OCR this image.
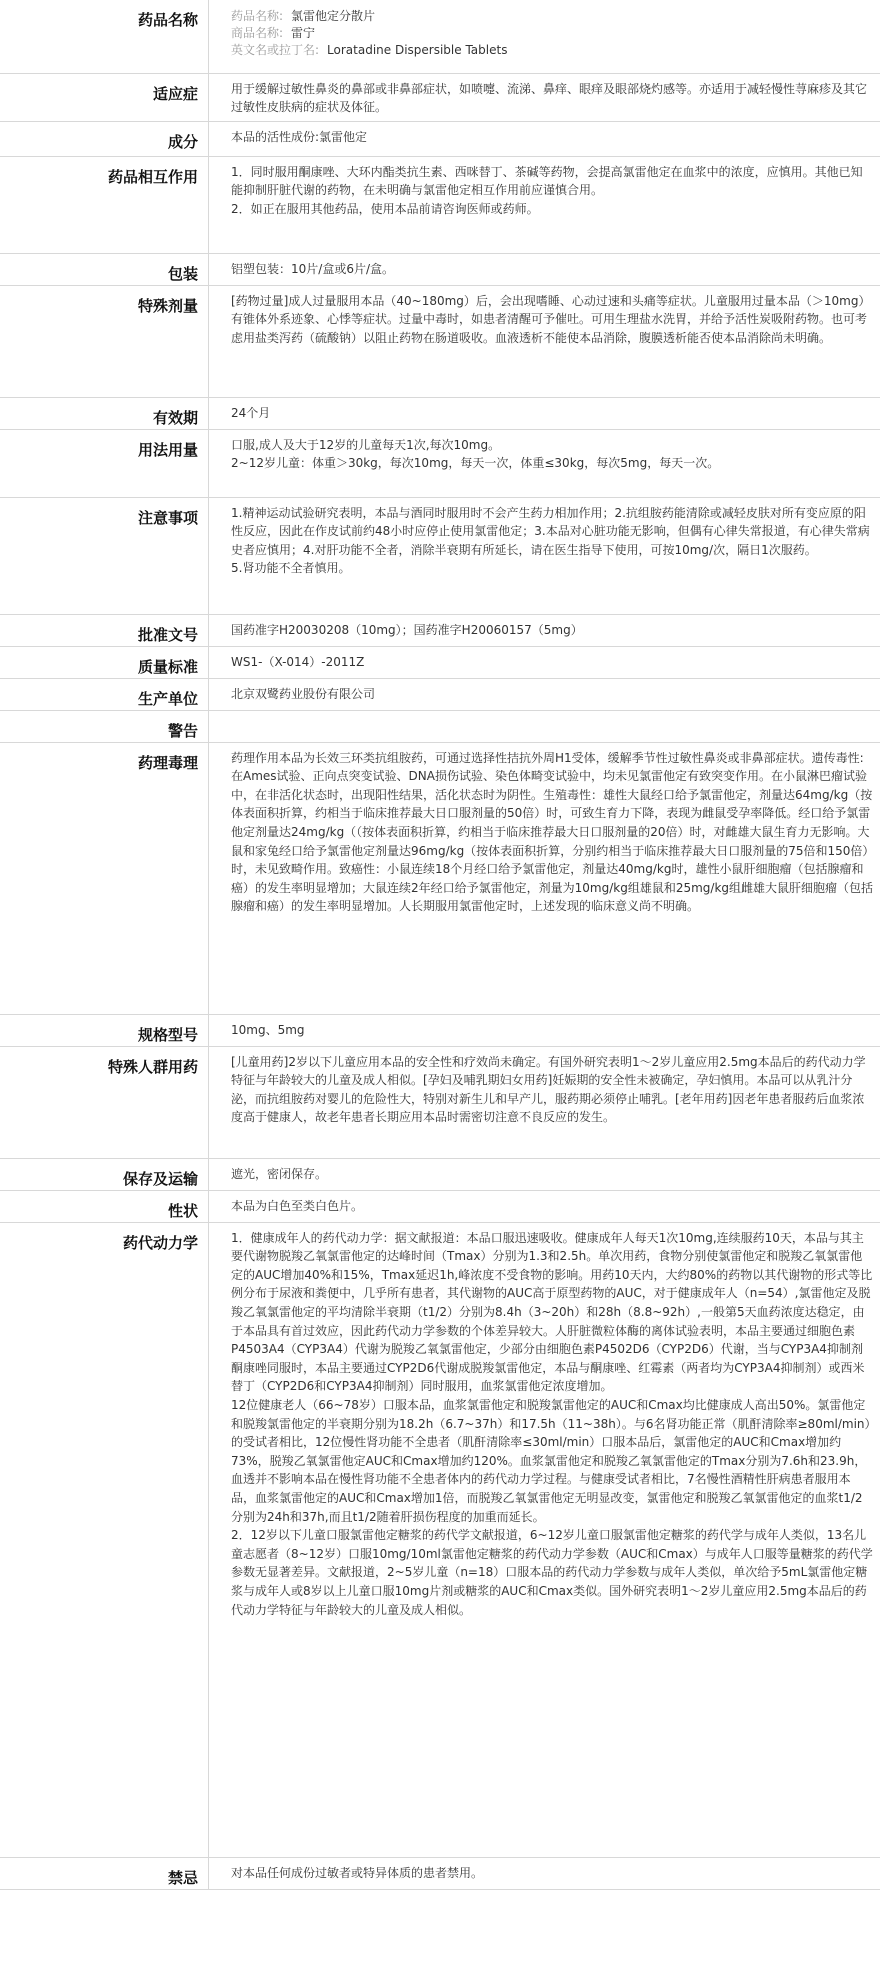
药品名称	药品名称: 氯雷他定分散片
商品名称: 雷宁
英文名或拉丁名: Loratadine Dispersible Tablets

适应症	用于缓解过敏性鼻炎的鼻部或非鼻部症状，如喷嚏、流涕、鼻痒、眼痒及眼部烧灼感等。亦适用于减轻慢性荨麻疹及其它过敏性皮肤病的症状及体征。
成分	本品的活性成份:氯雷他定
药品相互作用	1．同时服用酮康唑、大环内酯类抗生素、西咪替丁、茶碱等药物，会提高氯雷他定在血浆中的浓度，应慎用。其他已知能抑制肝脏代谢的药物，在未明确与氯雷他定相互作用前应谨慎合用。
2．如正在服用其他药品，使用本品前请咨询医师或药师。

包装	铝塑包装：10片/盒或6片/盒。
特殊剂量	[药物过量]成人过量服用本品（40~180mg）后，会出现嗜睡、心动过速和头痛等症状。儿童服用过量本品（＞10mg）有锥体外系迹象、心悸等症状。过量中毒时，如患者清醒可予催吐。可用生理盐水洗胃，并给予活性炭吸附药物。也可考虑用盐类泻药（硫酸钠）以阻止药物在肠道吸收。血液透析不能使本品消除，腹膜透析能否使本品消除尚未明确。
有效期	24个月
用法用量	口服,成人及大于12岁的儿童每天1次,每次10mg。
2~12岁儿童：体重＞30kg，每次10mg，每天一次，体重≤30kg，每次5mg，每天一次。

注意事项	1.精神运动试验研究表明，本品与酒同时服用时不会产生药力相加作用；2.抗组胺药能清除或减轻皮肤对所有变应原的阳性反应，因此在作皮试前约48小时应停止使用氯雷他定；3.本品对心脏功能无影响，但偶有心律失常报道，有心律失常病史者应慎用；4.对肝功能不全者，消除半衰期有所延长，请在医生指导下使用，可按10mg/次，隔日1次服药。
5.肾功能不全者慎用。

批准文号	国药准字H20030208（10mg）；国药准字H20060157（5mg）
质量标准	WS1-（X-014）-2011Z
生产单位	北京双鹭药业股份有限公司
警告	
药理毒理	药理作用本品为长效三环类抗组胺药，可通过选择性拮抗外周H1受体，缓解季节性过敏性鼻炎或非鼻部症状。遗传毒性:在Ames试验、正向点突变试验、DNA损伤试验、染色体畸变试验中，均未见氯雷他定有致突变作用。在小鼠淋巴瘤试验中，在非活化状态时，出现阳性结果，活化状态时为阴性。生殖毒性：雄性大鼠经口给予氯雷他定，剂量达64mg/kg（按体表面积折算，约相当于临床推荐最大日口服剂量的50倍）时，可致生育力下降，表现为雌鼠受孕率降低。经口给予氯雷他定剂量达24mg/kg（（按体表面积折算，约相当于临床推荐最大日口服剂量的20倍）时，对雌雄大鼠生育力无影响。大鼠和家兔经口给予氯雷他定剂量达96mg/kg（按体表面积折算，分别约相当于临床推荐最大日口服剂量的75倍和150倍）时，未见致畸作用。致癌性：小鼠连续18个月经口给予氯雷他定，剂量达40mg/kg时，雄性小鼠肝细胞瘤（包括腺瘤和癌）的发生率明显增加；大鼠连续2年经口给予氯雷他定，剂量为10mg/kg组雄鼠和25mg/kg组雌雄大鼠肝细胞瘤（包括腺瘤和癌）的发生率明显增加。人长期服用氯雷他定时，上述发现的临床意义尚不明确。
规格型号	10mg、5mg
特殊人群用药	[儿童用药]2岁以下儿童应用本品的安全性和疗效尚未确定。有国外研究表明1～2岁儿童应用2.5mg本品后的药代动力学特征与年龄较大的儿童及成人相似。[孕妇及哺乳期妇女用药]妊娠期的安全性未被确定，孕妇慎用。本品可以从乳汁分泌，而抗组胺药对婴儿的危险性大，特别对新生儿和早产儿，服药期必须停止哺乳。[老年用药]因老年患者服药后血浆浓度高于健康人，故老年患者长期应用本品时需密切注意不良反应的发生。
保存及运输	遮光，密闭保存。
性状	本品为白色至类白色片。
药代动力学	1．健康成年人的药代动力学：据文献报道：本品口服迅速吸收。健康成年人每天1次10mg,连续服药10天，本品与其主要代谢物脱羧乙氧氯雷他定的达峰时间（Tmax）分别为1.3和2.5h。单次用药，食物分别使氯雷他定和脱羧乙氧氯雷他定的AUC增加40%和15%，Tmax延迟1h,峰浓度不受食物的影响。用药10天内，大约80%的药物以其代谢物的形式等比例分布于尿液和粪便中，几乎所有患者，其代谢物的AUC高于原型药物的AUC，对于健康成年人（n=54）,氯雷他定及脱羧乙氧氯雷他定的平均清除半衰期（t1/2）分别为8.4h（3~20h）和28h（8.8~92h）,一般第5天血药浓度达稳定，由于本品具有首过效应，因此药代动力学参数的个体差异较大。人肝脏微粒体酶的离体试验表明，本品主要通过细胞色素P4503A4（CYP3A4）代谢为脱羧乙氧氯雷他定，少部分由细胞色素P4502D6（CYP2D6）代谢，当与CYP3A4抑制剂酮康唑同服时，本品主要通过CYP2D6代谢成脱羧氯雷他定，本品与酮康唑、红霉素（两者均为CYP3A4抑制剂）或西米替丁（CYP2D6和CYP3A4抑制剂）同时服用，血浆氯雷他定浓度增加。
12位健康老人（66~78岁）口服本品，血浆氯雷他定和脱羧氯雷他定的AUC和Cmax均比健康成人高出50%。氯雷他定和脱羧氯雷他定的半衰期分别为18.2h（6.7~37h）和17.5h（11~38h）。与6名肾功能正常（肌酐清除率≥80ml/min）的受试者相比，12位慢性肾功能不全患者（肌酐清除率≤30ml/min）口服本品后，氯雷他定的AUC和Cmax增加约73%，脱羧乙氧氯雷他定AUC和Cmax增加约120%。血浆氯雷他定和脱羧乙氧氯雷他定的Tmax分别为7.6h和23.9h，血透并不影响本品在慢性肾功能不全患者体内的药代动力学过程。与健康受试者相比，7名慢性酒精性肝病患者服用本品，血浆氯雷他定的AUC和Cmax增加1倍，而脱羧乙氧氯雷他定无明显改变，氯雷他定和脱羧乙氧氯雷他定的血浆t1/2分别为24h和37h,而且t1/2随着肝损伤程度的加重而延长。
2．12岁以下儿童口服氯雷他定糖浆的药代学文献报道，6~12岁儿童口服氯雷他定糖浆的药代学与成年人类似，13名儿童志愿者（8~12岁）口服10mg/10ml氯雷他定糖浆的药代动力学参数（AUC和Cmax）与成年人口服等量糖浆的药代学参数无显著差异。文献报道，2~5岁儿童（n=18）口服本品的药代动力学参数与成年人类似，单次给予5mL氯雷他定糖浆与成年人或8岁以上儿童口服10mg片剂或糖浆的AUC和Cmax类似。国外研究表明1～2岁儿童应用2.5mg本品后的药代动力学特征与年龄较大的儿童及成人相似。

禁忌	对本品任何成份过敏者或特异体质的患者禁用。
